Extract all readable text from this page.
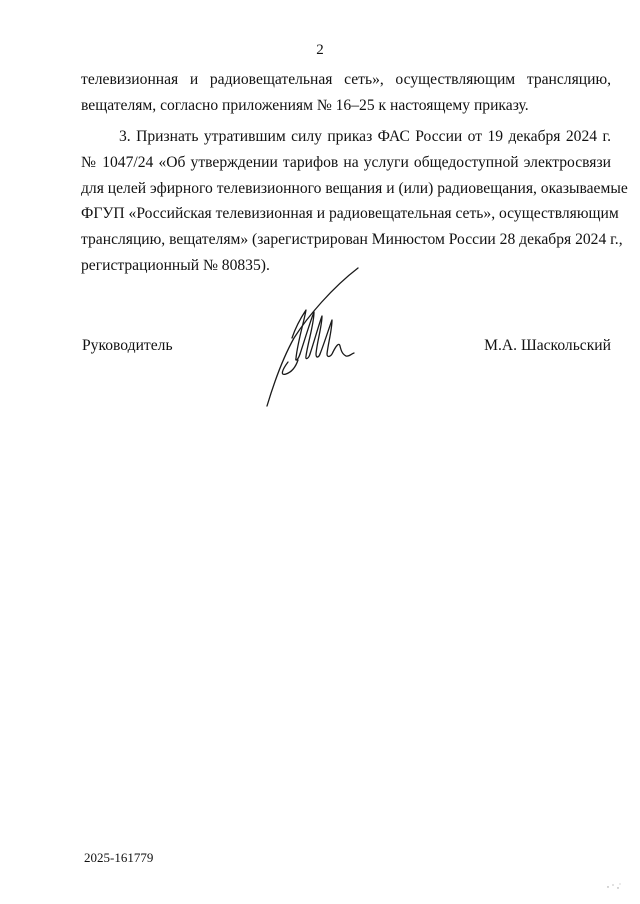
2
телевизионная и радиовещательная сеть», осуществляющим трансляцию,
вещателям, согласно приложениям № 16–25 к настоящему приказу.
3. Признать утратившим силу приказ ФАС России от 19 декабря 2024 г.
№ 1047/24 «Об утверждении тарифов на услуги общедоступной электросвязи
для целей эфирного телевизионного вещания и (или) радиовещания, оказываемые
ФГУП «Российская телевизионная и радиовещательная сеть», осуществляющим
трансляцию, вещателям» (зарегистрирован Минюстом России 28 декабря 2024 г.,
регистрационный № 80835).
Руководитель	М.А. Шаскольский
2025-161779
